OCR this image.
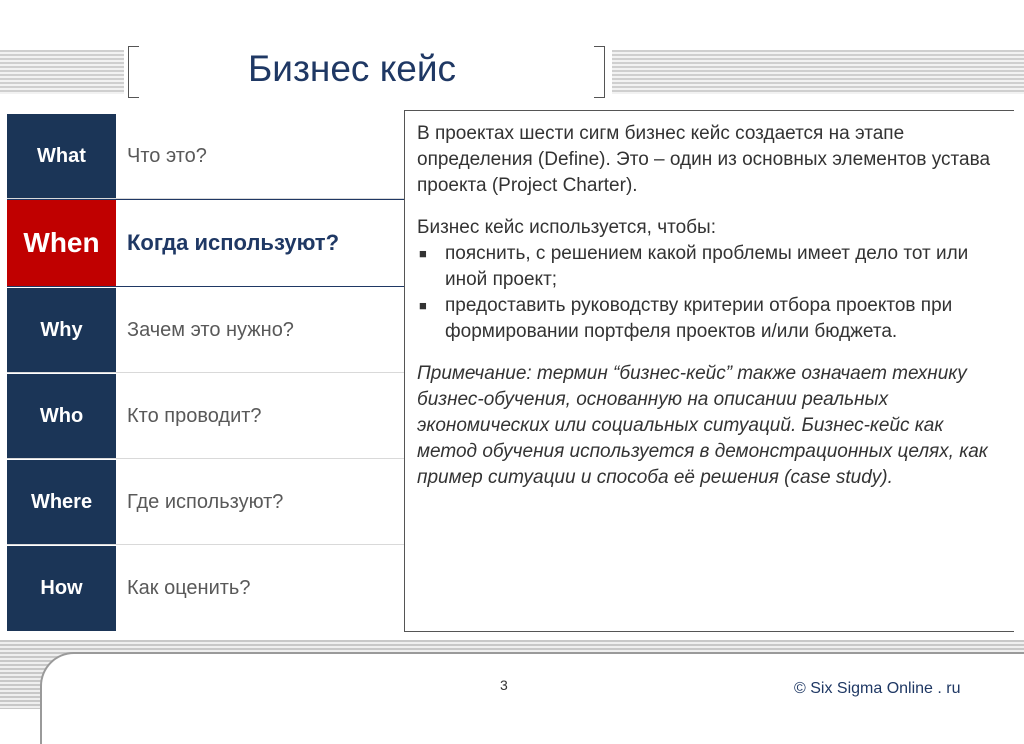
Бизнес кейс
What	Что это?
When	Когда используют?
Why	Зачем это нужно?
Who	Кто проводит?
Where	Где используют?
How	Как оценить?

В проектах шести сигм бизнес кейс создается на этапе определения (Define). Это – один из основных элементов устава проекта (Project Charter).

Бизнес кейс используется, чтобы:

■ пояснить, с решением какой проблемы имеет дело тот или иной проект;
■ предоставить руководству критерии отбора проектов при формировании портфеля проектов и/или бюджета.

Примечание: термин “бизнес-кейс” также означает технику бизнес-обучения, основанную на описании реальных экономических или социальных ситуаций. Бизнес-кейс как метод обучения используется в демонстрационных целях, как пример ситуации и способа её решения (case study).

3	© Six Sigma Online . ru
